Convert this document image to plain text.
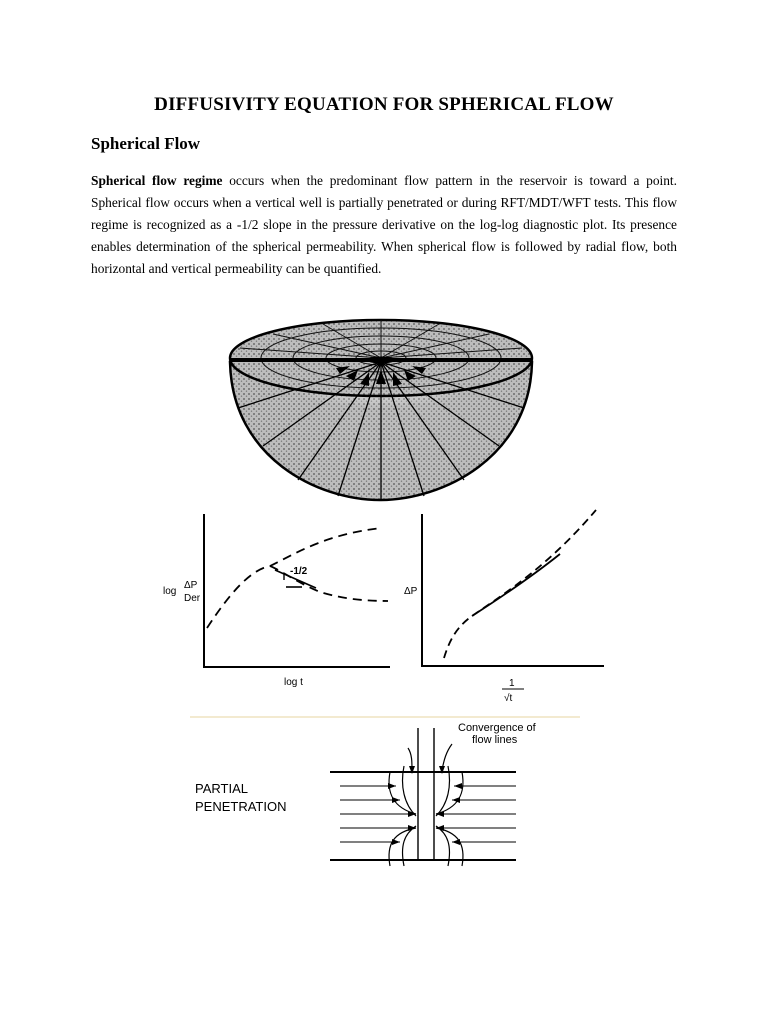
DIFFUSIVITY EQUATION FOR SPHERICAL FLOW
Spherical Flow
Spherical flow regime occurs when the predominant flow pattern in the reservoir is toward a point. Spherical flow occurs when a vertical well is partially penetrated or during RFT/MDT/WFT tests. This flow regime is recognized as a -1/2 slope in the pressure derivative on the log-log diagnostic plot. Its presence enables determination of the spherical permeability. When spherical flow is followed by radial flow, both horizontal and vertical permeability can be quantified.
-1/2
log
ΔP
Der
log t
ΔP
1
√t
PARTIAL
PENETRATION
Convergence of
flow lines
